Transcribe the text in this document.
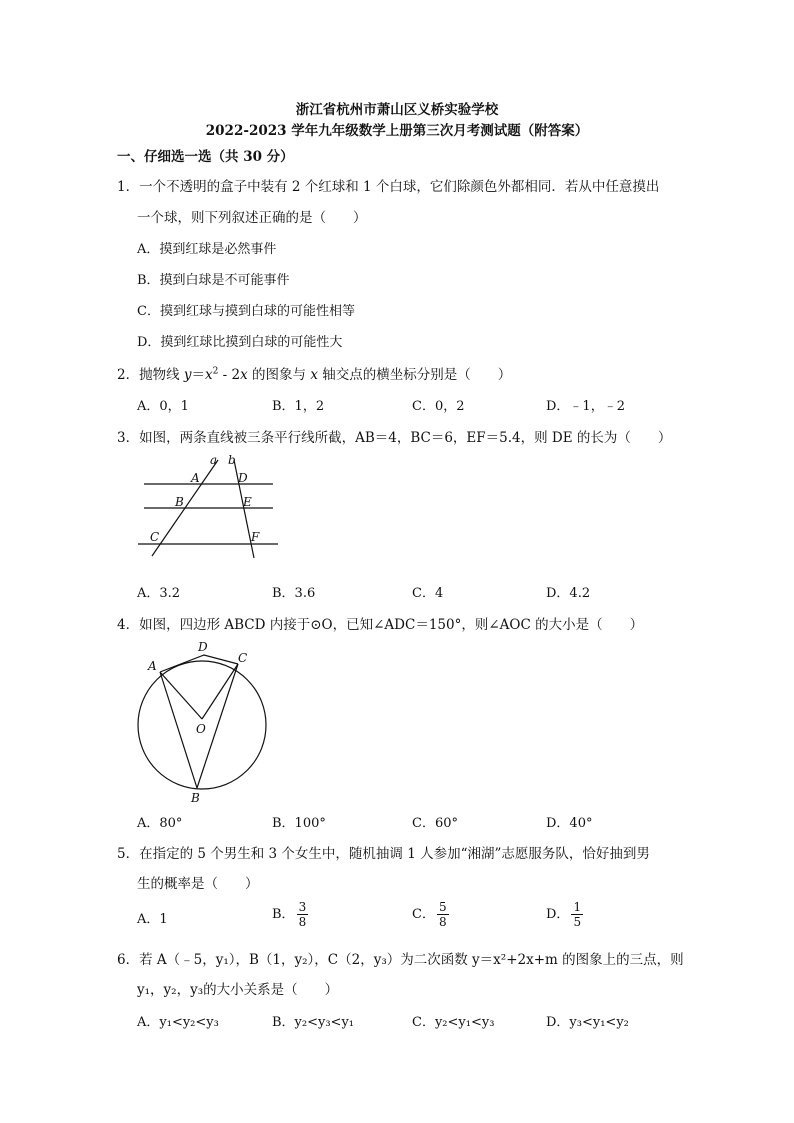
浙江省杭州市萧山区义桥实验学校
2022-2023 学年九年级数学上册第三次月考测试题（附答案）
一、仔细选一选（共 30 分）
1．一个不透明的盒子中装有 2 个红球和 1 个白球，它们除颜色外都相同．若从中任意摸出
一个球，则下列叙述正确的是（　　）
A．摸到红球是必然事件
B．摸到白球是不可能事件
C．摸到红球与摸到白球的可能性相等
D．摸到红球比摸到白球的可能性大
2．抛物线 $y=x^2 - 2x$ 的图象与 x 轴交点的横坐标分别是（　　）
A．0，1	B．1，2	C．0，2	D．﹣1，﹣2
3．如图，两条直线被三条平行线所截，AB＝4，BC＝6，EF＝5.4，则 DE 的长为（　　）
a b
A	D
B	E
C	F
A．3.2	B．3.6	C．4	D．4.2
4．如图，四边形 ABCD 内接于⊙O，已知∠ADC＝150°，则∠AOC 的大小是（　　）
A
D
C
O
B
A．80°	B．100°	C．60°	D．40°
5．在指定的 5 个男生和 3 个女生中，随机抽调 1 人参加“湘湖”志愿服务队，恰好抽到男
生的概率是（　　）
A．1	B． $\frac{3}{8}$	C． $\frac{5}{8}$	D． $\frac{1}{5}$
6．若 A（﹣5，y₁），B（1，y₂），C（2，y₃）为二次函数 y＝x²+2x+m 的图象上的三点，则
y₁，y₂，y₃的大小关系是（　　）
A．y₁<y₂<y₃	B．y₂<y₃<y₁	C．y₂<y₁<y₃	D．y₃<y₁<y₂
